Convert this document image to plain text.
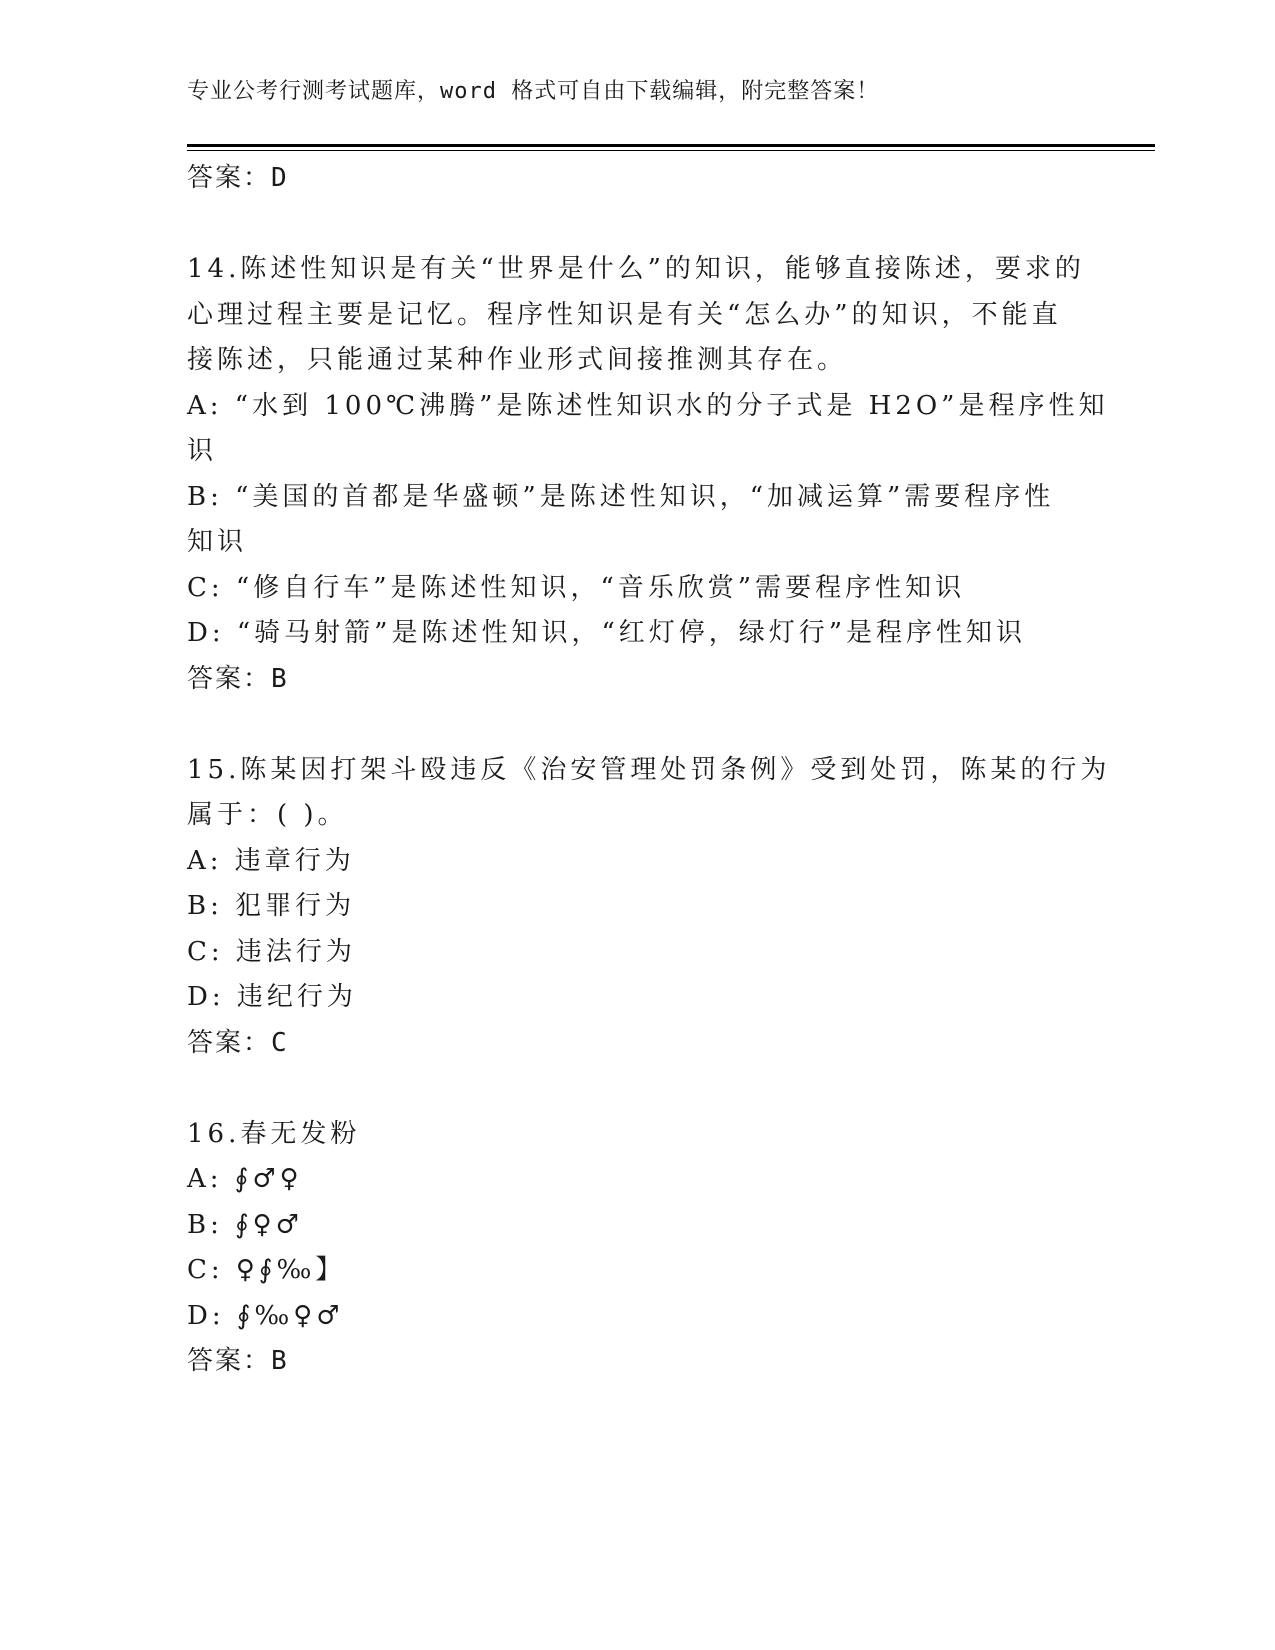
专业公考行测考试题库，word 格式可自由下载编辑，附完整答案！
答案：D
14.陈述性知识是有关“世界是什么”的知识，能够直接陈述，要求的
心理过程主要是记忆。程序性知识是有关“怎么办”的知识，不能直
接陈述，只能通过某种作业形式间接推测其存在。
A: “水到 100℃沸腾”是陈述性知识水的分子式是 H2O”是程序性知
识
B: “美国的首都是华盛顿”是陈述性知识，“加减运算”需要程序性
知识
C: “修自行车”是陈述性知识，“音乐欣赏”需要程序性知识
D: “骑马射箭”是陈述性知识，“红灯停，绿灯行”是程序性知识
答案：B
15.陈某因打架斗殴违反《治安管理处罚条例》受到处罚，陈某的行为
属于：( )。
A: 违章行为
B: 犯罪行为
C: 违法行为
D: 违纪行为
答案：C
16.春无发粉
A: ∮♂♀
B: ∮♀♂
C: ♀∮‰】
D: ∮‰♀♂
答案：B
